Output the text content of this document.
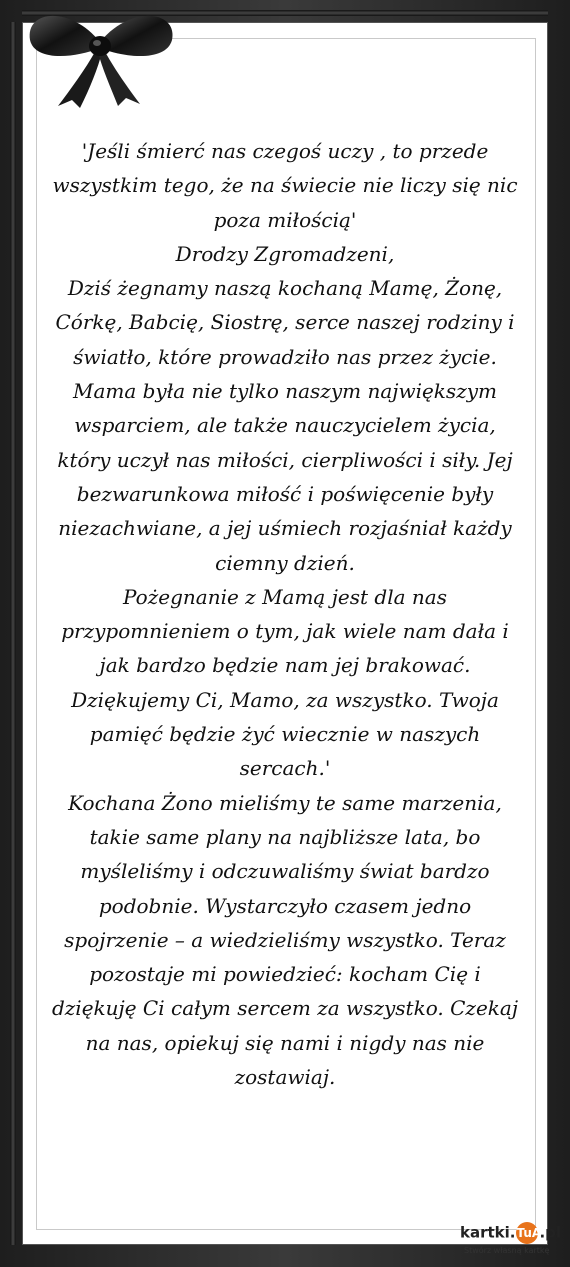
'Jeśli śmierć nas czegoś uczy , to przede

wszystkim tego, że na świecie nie liczy się nic

poza miłością'

Drodzy Zgromadzeni,

Dziś żegnamy naszą kochaną Mamę, Żonę,

Córkę, Babcię, Siostrę, serce naszej rodziny i

światło, które prowadziło nas przez życie.

Mama była nie tylko naszym największym

wsparciem, ale także nauczycielem życia,

który uczył nas miłości, cierpliwości i siły. Jej

bezwarunkowa miłość i poświęcenie były

niezachwiane, a jej uśmiech rozjaśniał każdy

ciemny dzień.

Pożegnanie z Mamą jest dla nas

przypomnieniem o tym, jak wiele nam dała i

jak bardzo będzie nam jej brakować.

Dziękujemy Ci, Mamo, za wszystko. Twoja

pamięć będzie żyć wiecznie w naszych

sercach.'

Kochana Żono mieliśmy te same marzenia,

takie same plany na najbliższe lata, bo

myśleliśmy i odczuwaliśmy świat bardzo

podobnie. Wystarczyło czasem jedno

spojrzenie – a wiedzieliśmy wszystko. Teraz

pozostaje mi powiedzieć: kocham Cię i

dziękuję Ci całym sercem za wszystko. Czekaj

na nas, opiekuj się nami i nigdy nas nie

zostawiaj.

kartki.TuA.pl
Stwórz własną kartkę
